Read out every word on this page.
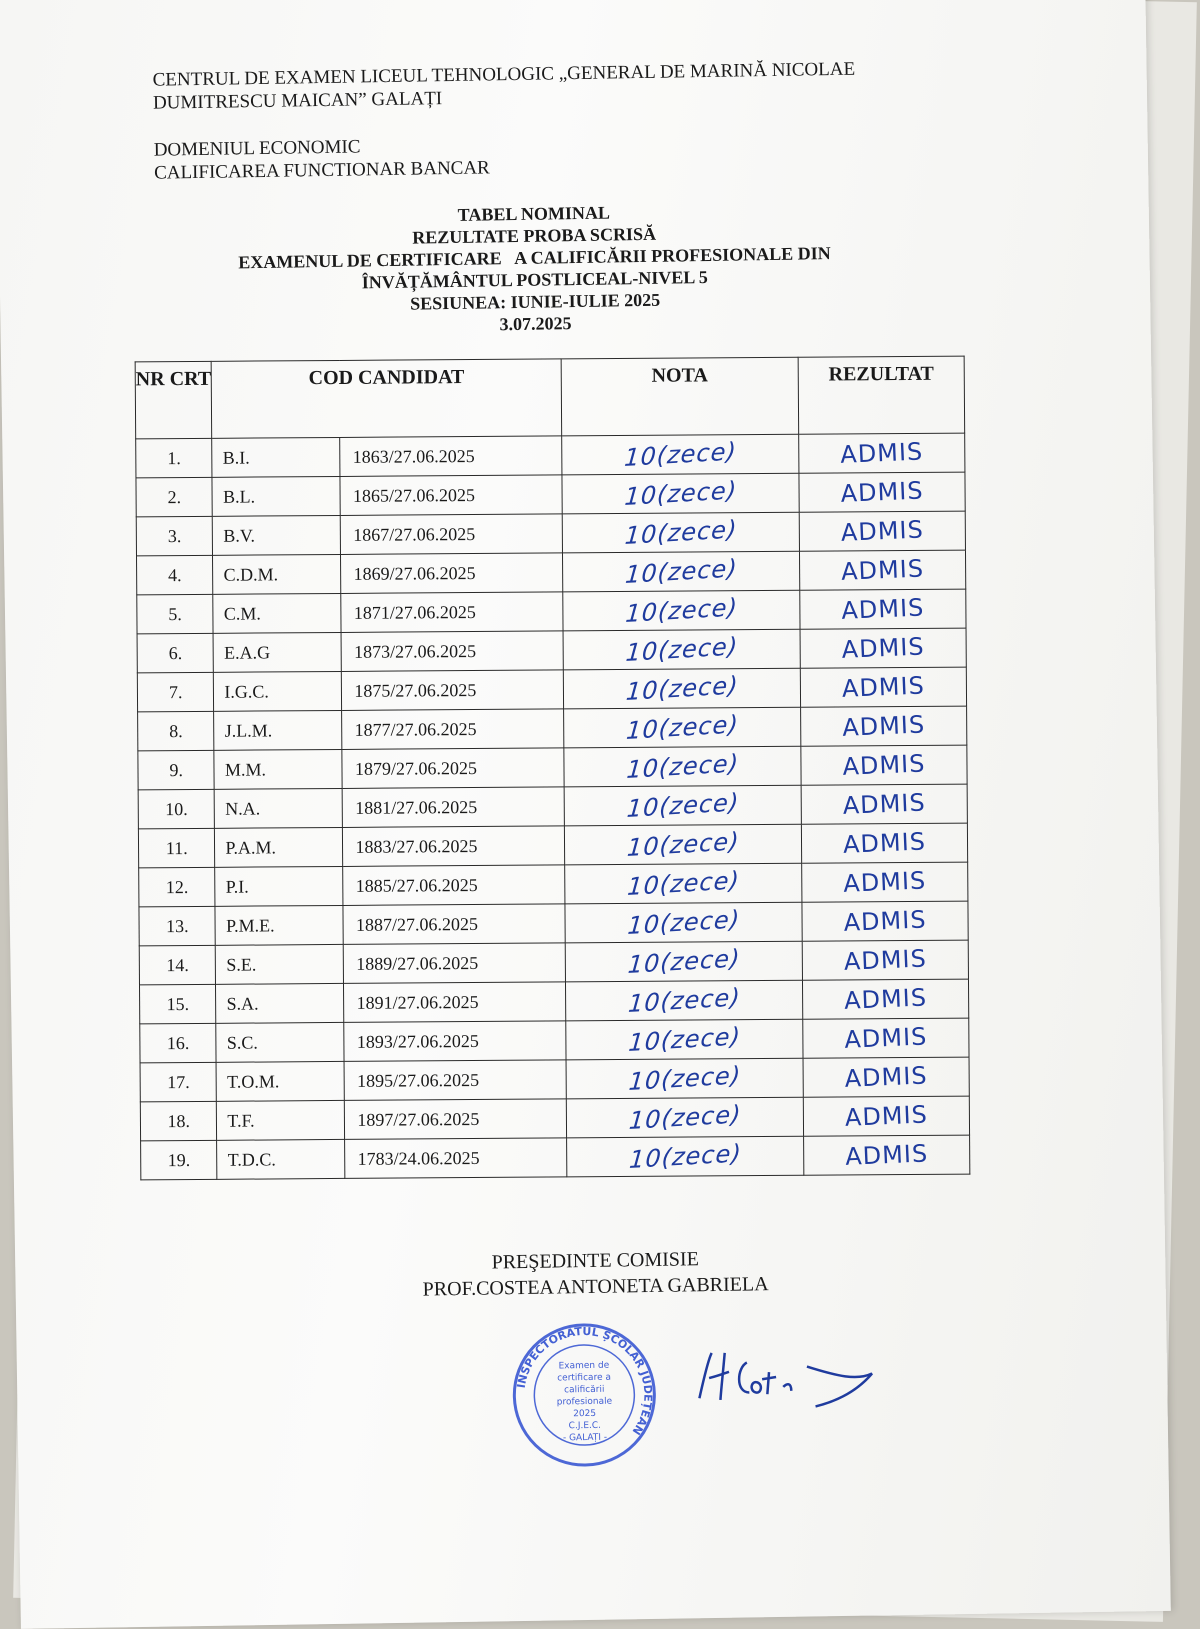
CENTRUL DE EXAMEN LICEUL TEHNOLOGIC „GENERAL DE MARINĂ NICOLAE
DUMITRESCU MAICAN” GALAȚI
DOMENIUL ECONOMIC
CALIFICAREA FUNCTIONAR BANCAR
TABEL NOMINAL
REZULTATE PROBA SCRISĂ
EXAMENUL DE CERTIFICARE   A CALIFICĂRII PROFESIONALE DIN
ÎNVĂȚĂMÂNTUL POSTLICEAL-NIVEL 5
SESIUNEA: IUNIE-IULIE 2025
3.07.2025
NR CRT	COD CANDIDAT		NOTA	REZULTAT
1.	B.I.	1863/27.06.2025	10(zece)	ADMIS
2.	B.L.	1865/27.06.2025	10(zece)	ADMIS
3.	B.V.	1867/27.06.2025	10(zece)	ADMIS
4.	C.D.M.	1869/27.06.2025	10(zece)	ADMIS
5.	C.M.	1871/27.06.2025	10(zece)	ADMIS
6.	E.A.G	1873/27.06.2025	10(zece)	ADMIS
7.	I.G.C.	1875/27.06.2025	10(zece)	ADMIS
8.	J.L.M.	1877/27.06.2025	10(zece)	ADMIS
9.	M.M.	1879/27.06.2025	10(zece)	ADMIS
10.	N.A.	1881/27.06.2025	10(zece)	ADMIS
11.	P.A.M.	1883/27.06.2025	10(zece)	ADMIS
12.	P.I.	1885/27.06.2025	10(zece)	ADMIS
13.	P.M.E.	1887/27.06.2025	10(zece)	ADMIS
14.	S.E.	1889/27.06.2025	10(zece)	ADMIS
15.	S.A.	1891/27.06.2025	10(zece)	ADMIS
16.	S.C.	1893/27.06.2025	10(zece)	ADMIS
17.	T.O.M.	1895/27.06.2025	10(zece)	ADMIS
18.	T.F.	1897/27.06.2025	10(zece)	ADMIS
19.	T.D.C.	1783/24.06.2025	10(zece)	ADMIS
PREŞEDINTE COMISIE
PROF.COSTEA ANTONETA GABRIELA
INSPECTORATUL ȘCOLAR JUDEȚEAN
Examen de
certificare a
calificării
profesionale
2025
C.J.E.C.
- GALAȚI -
